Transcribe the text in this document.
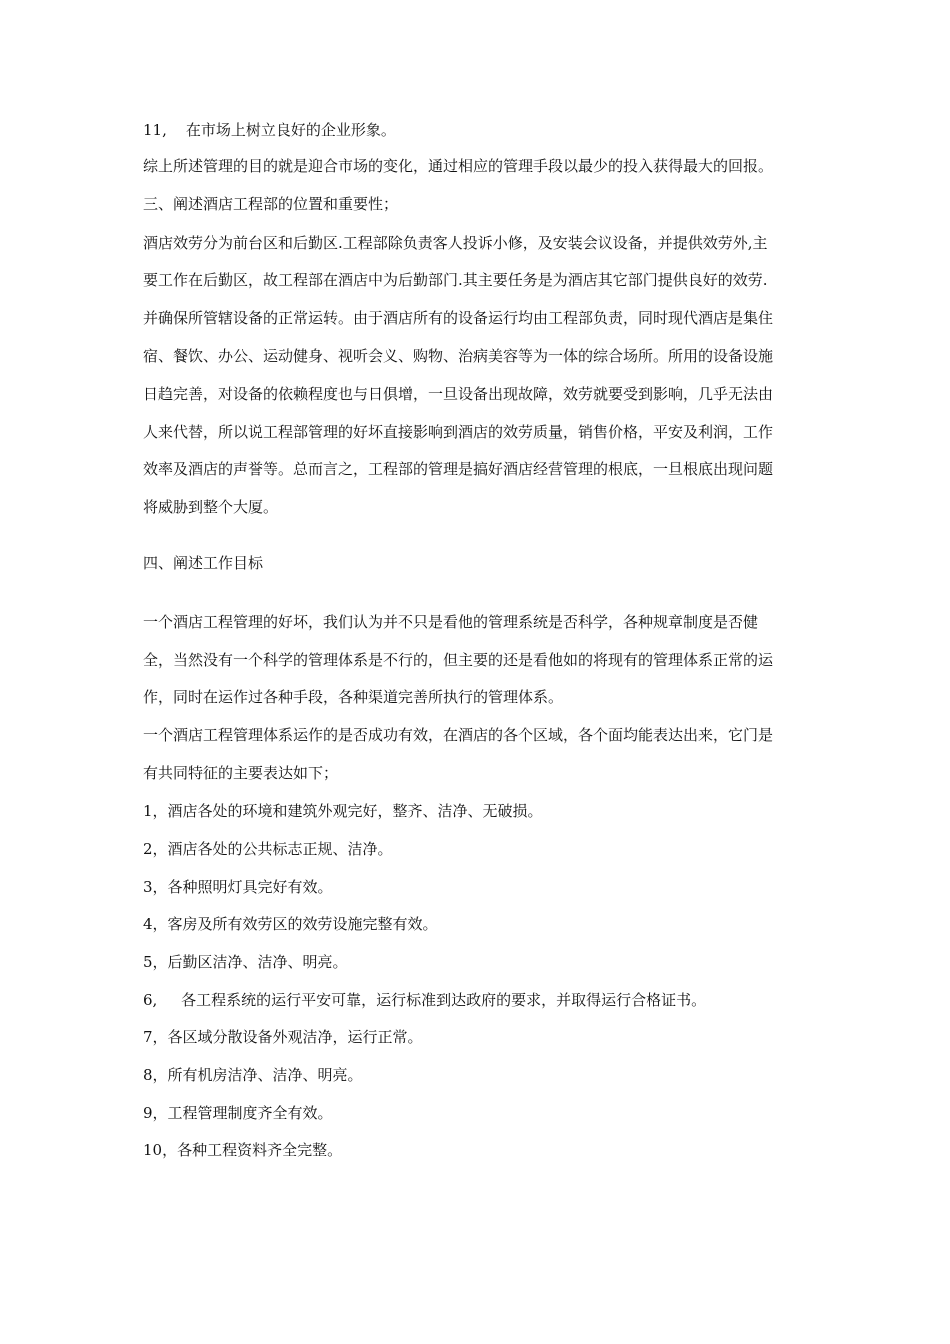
11,    在市场上树立良好的企业形象。
综上所述管理的目的就是迎合市场的变化，通过相应的管理手段以最少的投入获得最大的回报。
三、阐述酒店工程部的位置和重要性；
酒店效劳分为前台区和后勤区.工程部除负责客人投诉小修，及安装会议设备，并提供效劳外,主
要工作在后勤区，故工程部在酒店中为后勤部门.其主要任务是为酒店其它部门提供良好的效劳.
并确保所管辖设备的正常运转。由于酒店所有的设备运行均由工程部负责，同时现代酒店是集住
宿、餐饮、办公、运动健身、视听会义、购物、治病美容等为一体的综合场所。所用的设备设施
日趋完善，对设备的依赖程度也与日俱增，一旦设备出现故障，效劳就要受到影响，几乎无法由
人来代替，所以说工程部管理的好坏直接影响到酒店的效劳质量，销售价格，平安及利润，工作
效率及酒店的声誉等。总而言之，工程部的管理是搞好酒店经营管理的根底，一旦根底出现问题
将威胁到整个大厦。
四、阐述工作目标
一个酒店工程管理的好坏，我们认为并不只是看他的管理系统是否科学，各种规章制度是否健
全，当然没有一个科学的管理体系是不行的，但主要的还是看他如的将现有的管理体系正常的运
作，同时在运作过各种手段，各种渠道完善所执行的管理体系。
一个酒店工程管理体系运作的是否成功有效，在酒店的各个区域，各个面均能表达出来，它门是
有共同特征的主要表达如下；
1，酒店各处的环境和建筑外观完好，整齐、洁净、无破损。
2，酒店各处的公共标志正规、洁净。
3，各种照明灯具完好有效。
4，客房及所有效劳区的效劳设施完整有效。
5，后勤区洁净、洁净、明亮。
6,     各工程系统的运行平安可靠，运行标准到达政府的要求，并取得运行合格证书。
7，各区域分散设备外观洁净，运行正常。
8，所有机房洁净、洁净、明亮。
9，工程管理制度齐全有效。
10，各种工程资料齐全完整。
